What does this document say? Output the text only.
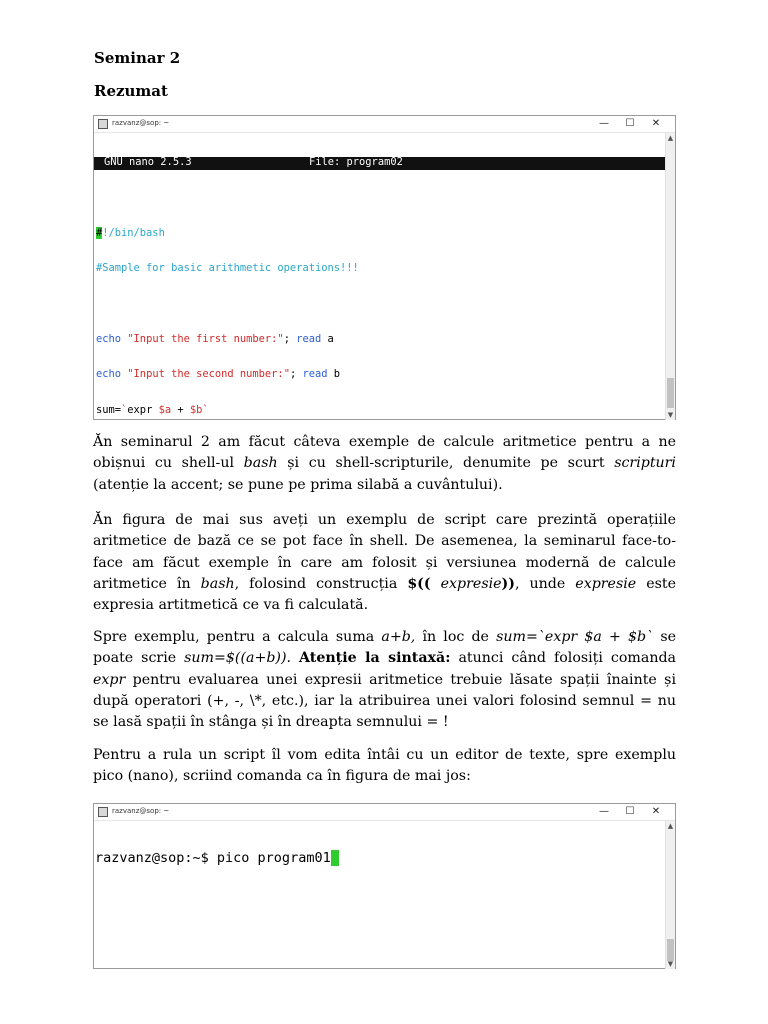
Seminar 2
Rezumat
razvanz@sop: ~	—	☐	✕

GNU nano 2.5.3

	File: program02

#!/bin/bash

#Sample for basic arithmetic operations!!!

echo "Input the first number:"; read a

echo "Input the second number:"; read b

sum=`expr $a + $b`

▲

▼

Ăn seminarul 2 am făcut câteva exemple de calcule aritmetice pentru a ne obișnui cu shell-ul bash și cu shell-scripturile, denumite pe scurt scripturi (atenție la accent; se pune pe prima silabă a cuvântului).

Ăn figura de mai sus aveți un exemplu de script care prezintă operațiile aritmetice de bază ce se pot face în shell. De asemenea, la seminarul face-to-face am făcut exemple în care am folosit și versiunea modernă de calcule aritmetice în bash, folosind construcția $(( expresie)), unde expresie este expresia artitmetică ce va fi calculată.

Spre exemplu, pentru a calcula suma a+b, în loc de sum=`expr $a + $b` se poate scrie sum=$((a+b)). Atenție la sintaxă: atunci când folosiți comanda expr pentru evaluarea unei expresii aritmetice trebuie lăsate spații înainte și după operatori (+, -, \*, etc.), iar la atribuirea unei valori folosind semnul = nu se lasă spații în stânga și în dreapta semnului = !

Pentru a rula un script îl vom edita întâi cu un editor de texte, spre exemplu pico (nano), scriind comanda ca în figura de mai jos:

razvanz@sop: ~	—	☐	✕

razvanz@sop:~$ pico program01

▲

▼
